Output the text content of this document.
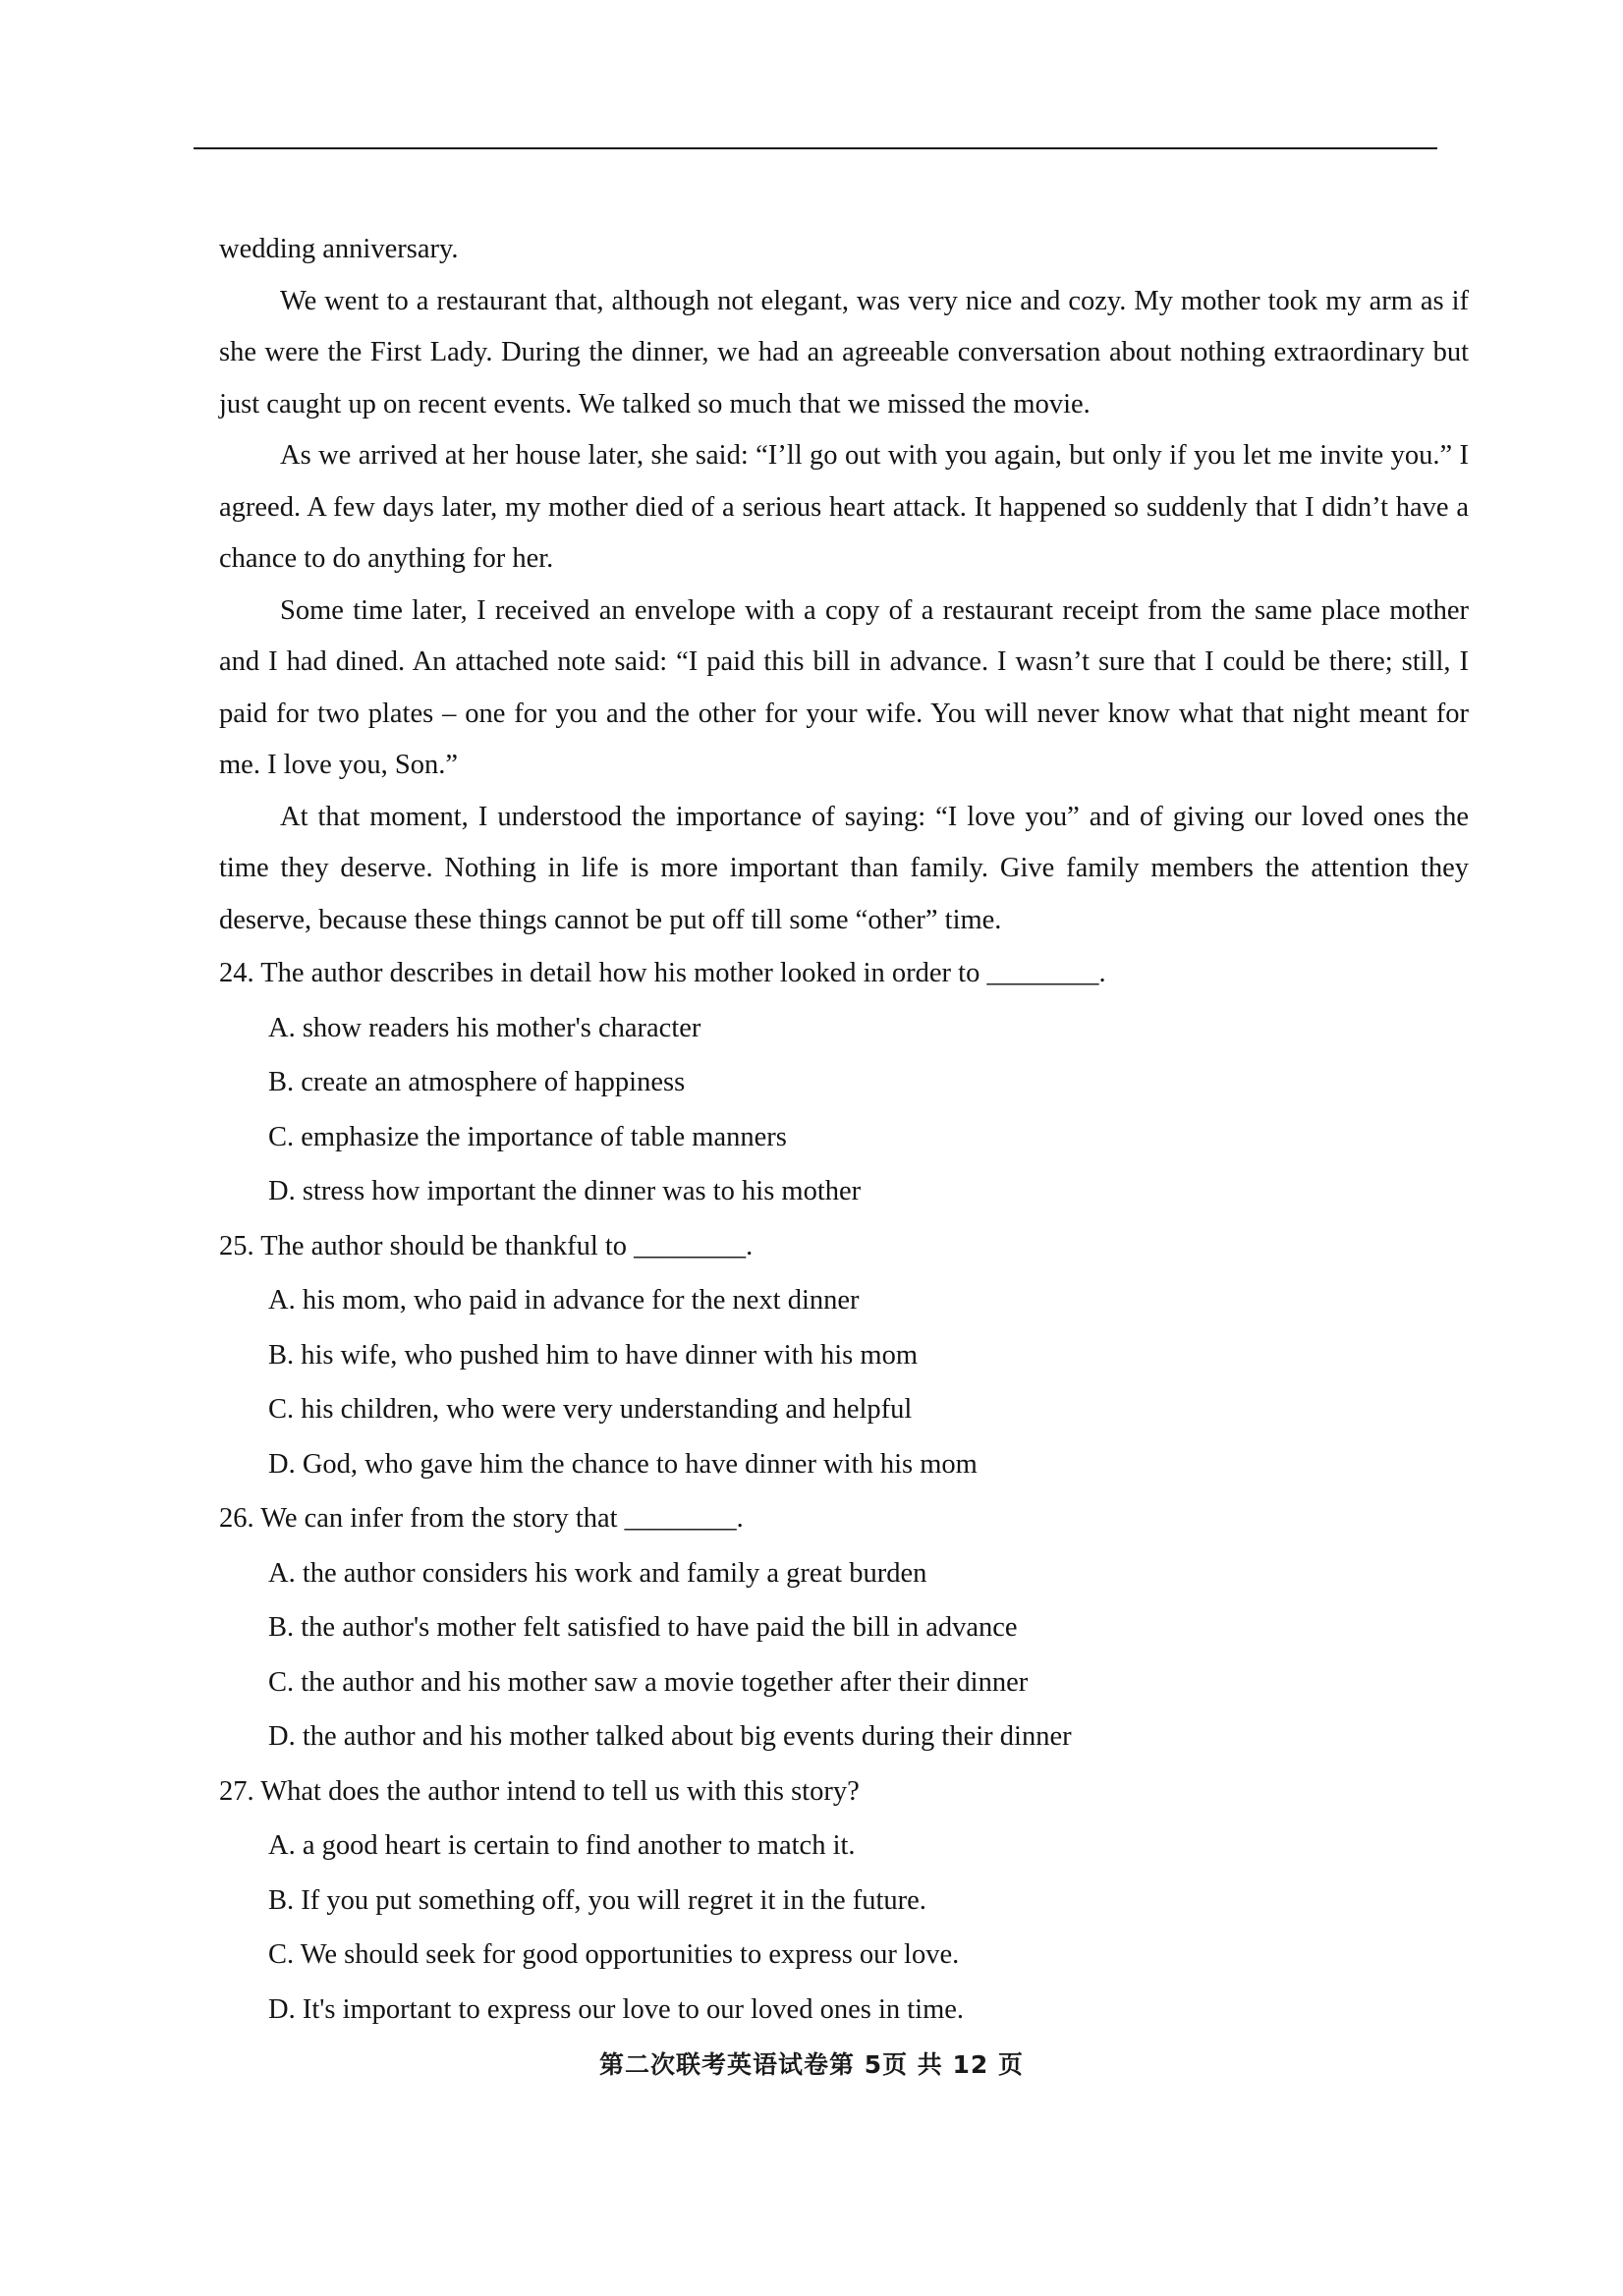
wedding anniversary.

We went to a restaurant that, although not elegant, was very nice and cozy. My mother took my arm as if she were the First Lady. During the dinner, we had an agreeable conversation about nothing extraordinary but just caught up on recent events. We talked so much that we missed the movie.

As we arrived at her house later, she said: “I’ll go out with you again, but only if you let me invite you.” I agreed. A few days later, my mother died of a serious heart attack. It happened so suddenly that I didn’t have a chance to do anything for her.

Some time later, I received an envelope with a copy of a restaurant receipt from the same place mother and I had dined. An attached note said: “I paid this bill in advance. I wasn’t sure that I could be there; still, I paid for two plates – one for you and the other for your wife. You will never know what that night meant for me. I love you, Son.”

At that moment, I understood the importance of saying: “I love you” and of giving our loved ones the time they deserve. Nothing in life is more important than family. Give family members the attention they deserve, because these things cannot be put off till some “other” time.

24. The author describes in detail how his mother looked in order to ________.

A. show readers his mother's character

B. create an atmosphere of happiness

C. emphasize the importance of table manners

D. stress how important the dinner was to his mother

25. The author should be thankful to ________.

A. his mom, who paid in advance for the next dinner

B. his wife, who pushed him to have dinner with his mom

C. his children, who were very understanding and helpful

D. God, who gave him the chance to have dinner with his mom

26. We can infer from the story that ________.

A. the author considers his work and family a great burden

B. the author's mother felt satisfied to have paid the bill in advance

C. the author and his mother saw a movie together after their dinner

D. the author and his mother talked about big events during their dinner

27. What does the author intend to tell us with this story?

A. a good heart is certain to find another to match it.

B. If you put something off, you will regret it in the future.

C. We should seek for good opportunities to express our love.

D. It's important to express our love to our loved ones in time.

第二次联考英语试卷第 5页 共 12 页
